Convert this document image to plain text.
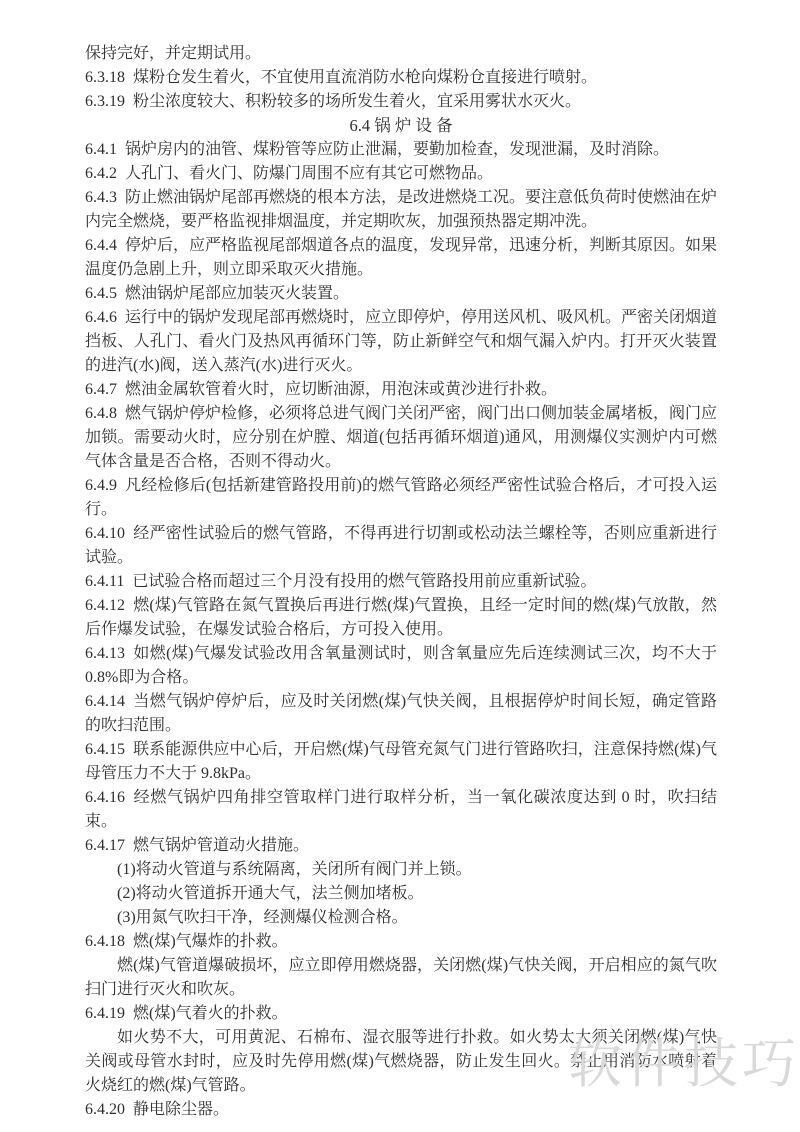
保持完好，并定期试用。

6.3.18 煤粉仓发生着火，不宜使用直流消防水枪向煤粉仓直接进行喷射。

6.3.19 粉尘浓度较大、积粉较多的场所发生着火，宜采用雾状水灭火。

6.4 锅 炉 设 备

6.4.1 锅炉房内的油管、煤粉管等应防止泄漏，要勤加检查，发现泄漏，及时消除。

6.4.2 人孔门、看火门、防爆门周围不应有其它可燃物品。

6.4.3 防止燃油锅炉尾部再燃烧的根本方法，是改进燃烧工况。要注意低负荷时使燃油在炉内完全燃烧，要严格监视排烟温度，并定期吹灰，加强预热器定期冲洗。

6.4.4 停炉后，应严格监视尾部烟道各点的温度，发现异常，迅速分析，判断其原因。如果温度仍急剧上升，则立即采取灭火措施。

6.4.5 燃油锅炉尾部应加装灭火装置。

6.4.6 运行中的锅炉发现尾部再燃烧时，应立即停炉，停用送风机、吸风机。严密关闭烟道挡板、人孔门、看火门及热风再循环门等，防止新鲜空气和烟气漏入炉内。打开灭火装置的进汽(水)阀，送入蒸汽(水)进行灭火。

6.4.7 燃油金属软管着火时，应切断油源，用泡沫或黄沙进行扑救。

6.4.8 燃气锅炉停炉检修，必须将总进气阀门关闭严密，阀门出口侧加装金属堵板，阀门应加锁。需要动火时，应分别在炉膛、烟道(包括再循环烟道)通风，用测爆仪实测炉内可燃气体含量是否合格，否则不得动火。

6.4.9 凡经检修后(包括新建管路投用前)的燃气管路必须经严密性试验合格后，才可投入运行。

6.4.10 经严密性试验后的燃气管路，不得再进行切割或松动法兰螺栓等，否则应重新进行试验。

6.4.11 已试验合格而超过三个月没有投用的燃气管路投用前应重新试验。

6.4.12 燃(煤)气管路在氮气置换后再进行燃(煤)气置换，且经一定时间的燃(煤)气放散，然后作爆发试验，在爆发试验合格后，方可投入使用。

6.4.13 如燃(煤)气爆发试验改用含氧量测试时，则含氧量应先后连续测试三次，均不大于0.8%即为合格。

6.4.14 当燃气锅炉停炉后，应及时关闭燃(煤)气快关阀，且根据停炉时间长短，确定管路的吹扫范围。

6.4.15 联系能源供应中心后，开启燃(煤)气母管充氮气门进行管路吹扫，注意保持燃(煤)气母管压力不大于 9.8kPa。

6.4.16 经燃气锅炉四角排空管取样门进行取样分析，当一氧化碳浓度达到 0 时，吹扫结束。

6.4.17 燃气锅炉管道动火措施。

(1)将动火管道与系统隔离，关闭所有阀门并上锁。

(2)将动火管道拆开通大气，法兰侧加堵板。

(3)用氮气吹扫干净，经测爆仪检测合格。

6.4.18 燃(煤)气爆炸的扑救。

燃(煤)气管道爆破损坏，应立即停用燃烧器，关闭燃(煤)气快关阀，开启相应的氮气吹扫门进行灭火和吹灰。

6.4.19 燃(煤)气着火的扑救。

如火势不大，可用黄泥、石棉布、湿衣服等进行扑救。如火势太大须关闭燃(煤)气快关阀或母管水封时，应及时先停用燃(煤)气燃烧器，防止发生回火。禁止用消防水喷射着火烧红的燃(煤)气管路。

6.4.20 静电除尘器。

软件技巧
